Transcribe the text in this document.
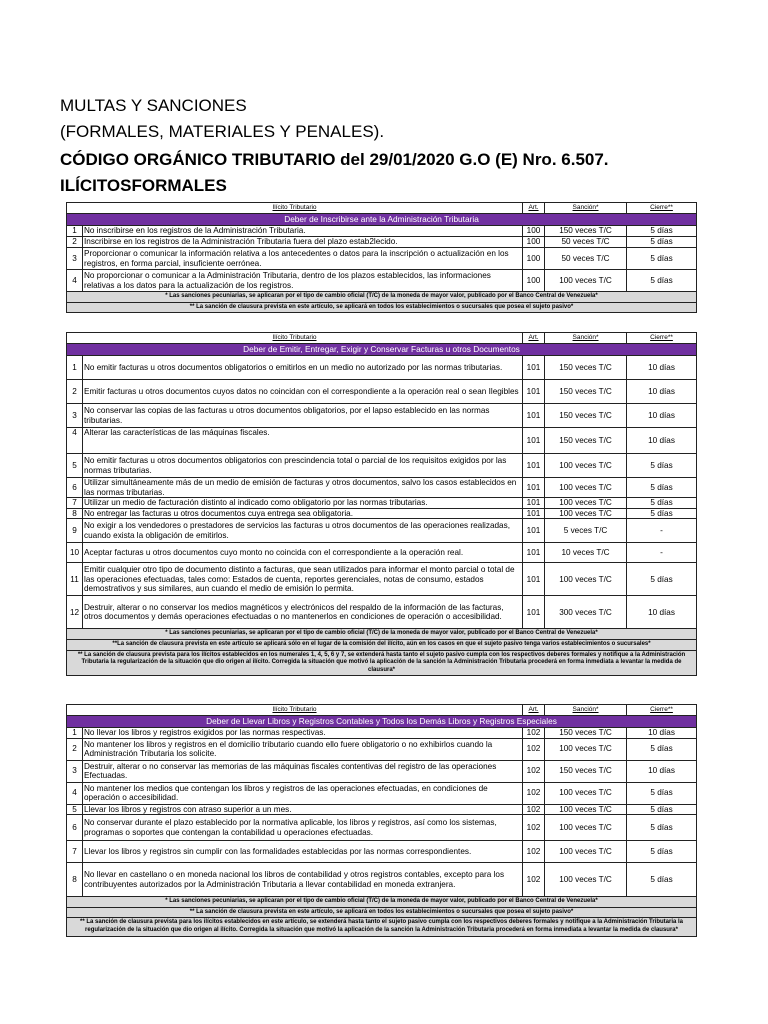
MULTAS Y SANCIONES

(FORMALES, MATERIALES Y PENALES).

CÓDIGO ORGÁNICO TRIBUTARIO del 29/01/2020 G.O (E) Nro. 6.507.

ILÍCITOSFORMALES

Ilícito Tributario		Art.	Sanción*	Cierre**
Deber de Inscribirse ante la Administración Tributaria				
1	No inscribirse en los registros de la Administración Tributaria.	100	150 veces T/C	5 días
2	Inscribirse en los registros de la Administración Tributaria fuera del plazo estab2lecido.	100	50 veces T/C	5 días
3	Proporcionar o comunicar la información relativa a los antecedentes o datos para la inscripción o actualización en los registros, en forma parcial, insuficiente oerrónea.	100	50 veces T/C	5 días
4	No proporcionar o comunicar a la Administración Tributaria, dentro de los plazos establecidos, las informaciones relativas a los datos para la actualización de los registros.	100	100 veces T/C	5 días
* Las sanciones pecuniarias, se aplicaran por el tipo de cambio oficial (T/C) de la moneda de mayor valor, publicado por el Banco Central de Venezuela*				
** La sanción de clausura prevista en este artículo, se aplicará en todos los establecimientos o sucursales que posea el sujeto pasivo*				
Ilícito Tributario		Art.	Sanción*	Cierre**
Deber de Emitir, Entregar, Exigir y Conservar Facturas u otros Documentos				
1	No emitir facturas u otros documentos obligatorios o emitirlos en un medio no autorizado por las normas tributarias.	101	150 veces T/C	10 días
2	Emitir facturas u otros documentos cuyos datos no coincidan con el correspondiente a la operación real o sean Ilegibles	101	150 veces T/C	10 días
3	No conservar las copias de las facturas u otros documentos obligatorios, por el lapso establecido en las normas tributarias.	101	150 veces T/C	10 días
4	Alterar las características de las máquinas fiscales.	101	150 veces T/C	10 días
5	No emitir facturas u otros documentos obligatorios con prescindencia total o parcial de los requisitos exigidos por las normas tributarias.	101	100 veces T/C	5 días
6	Utilizar simultáneamente más de un medio de emisión de facturas y otros documentos, salvo los casos establecidos en las normas tributarias.	101	100 veces T/C	5 días
7	Utilizar un medio de facturación distinto al indicado como obligatorio por las normas tributarias.	101	100 veces T/C	5 días
8	No entregar las facturas u otros documentos cuya entrega sea obligatoria.	101	100 veces T/C	5 días
9	No exigir a los vendedores o prestadores de servicios las facturas u otros documentos de las operaciones realizadas, cuando exista la obligación de emitirlos.	101	5 veces T/C	-
10	Aceptar facturas u otros documentos cuyo monto no coincida con el correspondiente a la operación real.	101	10 veces T/C	-
11	Emitir cualquier otro tipo de documento distinto a facturas, que sean utilizados para informar el monto parcial o total de las operaciones efectuadas, tales como: Estados de cuenta, reportes gerenciales, notas de consumo, estados demostrativos y sus similares, aun cuando el medio de emisión lo permita.	101	100 veces T/C	5 días
12	Destruir, alterar o no conservar los medios magnéticos y electrónicos del respaldo de la información de las facturas, otros documentos y demás operaciones efectuadas o no mantenerlos en condiciones de operación o accesibilidad.	101	300 veces T/C	10 días
* Las sanciones pecuniarias, se aplicaran por el tipo de cambio oficial (T/C) de la moneda de mayor valor, publicado por el Banco Central de Venezuela*				
**La sanción de clausura prevista en este artículo se aplicará sólo en el lugar de la comisión del ilícito, aún en los casos en que el sujeto pasivo tenga varios establecimientos o sucursales*				
** La sanción de clausura prevista para los ilícitos establecidos en los numerales 1, 4, 5, 6 y 7, se extenderá hasta tanto el sujeto pasivo cumpla con los respectivos deberes formales y notifique a la Administración Tributaria la regularización de la situación que dio origen al ilícito. Corregida la situación que motivó la aplicación de la sanción la Administración Tributaria procederá en forma inmediata a levantar la medida de clausura*				
Ilícito Tributario		Art.	Sanción*	Cierre**
Deber de Llevar Libros y Registros Contables y Todos los Demás Libros y Registros Especiales				
1	No llevar los libros y registros exigidos por las normas respectivas.	102	150 veces T/C	10 días
2	No mantener los libros y registros en el domicilio tributario cuando ello fuere obligatorio o no exhibirlos cuando la Administración Tributaria los solicite.	102	100 veces T/C	5 días
3	Destruir, alterar o no conservar las memorias de las máquinas fiscales contentivas del registro de las operaciones Efectuadas.	102	150 veces T/C	10 días
4	No mantener los medios que contengan los libros y registros de las operaciones efectuadas, en condiciones de operación o accesibilidad.	102	100 veces T/C	5 días
5	Llevar los libros y registros con atraso superior a un mes.	102	100 veces T/C	5 días
6	No conservar durante el plazo establecido por la normativa aplicable, los libros y registros, así como los sistemas, programas o soportes que contengan la contabilidad u operaciones efectuadas.	102	100 veces T/C	5 días
7	Llevar los libros y registros sin cumplir con las formalidades establecidas por las normas correspondientes.	102	100 veces T/C	5 días
8	No llevar en castellano o en moneda nacional los libros de contabilidad y otros registros contables, excepto para los contribuyentes autorizados por la Administración Tributaria a llevar contabilidad en moneda extranjera.	102	100 veces T/C	5 días
* Las sanciones pecuniarias, se aplicaran por el tipo de cambio oficial (T/C) de la moneda de mayor valor, publicado por el Banco Central de Venezuela*				
** La sanción de clausura prevista en este artículo, se aplicará en todos los establecimientos o sucursales que posea el sujeto pasivo*				
** La sanción de clausura prevista para los ilícitos establecidos en este artículo, se extenderá hasta tanto el sujeto pasivo cumpla con los respectivos deberes formales y notifique a la Administración Tributaria la regularización de la situación que dio origen al ilícito. Corregida la situación que motivó la aplicación de la sanción la Administración Tributaria procederá en forma inmediata a levantar la medida de clausura*				
